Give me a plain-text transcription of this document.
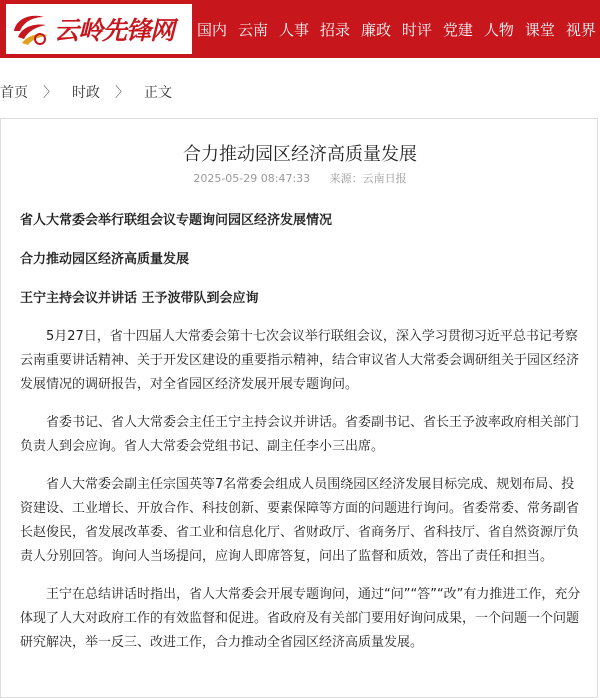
云岭先锋网 国内 云南 人事 招录 廉政 时评 党建 人物 课堂 视界
首页 〉 时政 〉 正文
合力推动园区经济高质量发展
2025-05-29 08:47:33 来源：云南日报

省人大常委会举行联组会议专题询问园区经济发展情况

合力推动园区经济高质量发展

王宁主持会议并讲话 王予波带队到会应询

5月27日，省十四届人大常委会第十七次会议举行联组会议，深入学习贯彻习近平总书记考察云南重要讲话精神、关于开发区建设的重要指示精神，结合审议省人大常委会调研组关于园区经济发展情况的调研报告，对全省园区经济发展开展专题询问。

省委书记、省人大常委会主任王宁主持会议并讲话。省委副书记、省长王予波率政府相关部门负责人到会应询。省人大常委会党组书记、副主任李小三出席。

省人大常委会副主任宗国英等7名常委会组成人员围绕园区经济发展目标完成、规划布局、投资建设、工业增长、开放合作、科技创新、要素保障等方面的问题进行询问。省委常委、常务副省长赵俊民，省发展改革委、省工业和信息化厅、省财政厅、省商务厅、省科技厅、省自然资源厅负责人分别回答。询问人当场提问，应询人即席答复，问出了监督和质效，答出了责任和担当。

王宁在总结讲话时指出，省人大常委会开展专题询问，通过“问”“答”“改”有力推进工作，充分体现了人大对政府工作的有效监督和促进。省政府及有关部门要用好询问成果，一个问题一个问题研究解决，举一反三、改进工作，合力推动全省园区经济高质量发展。
